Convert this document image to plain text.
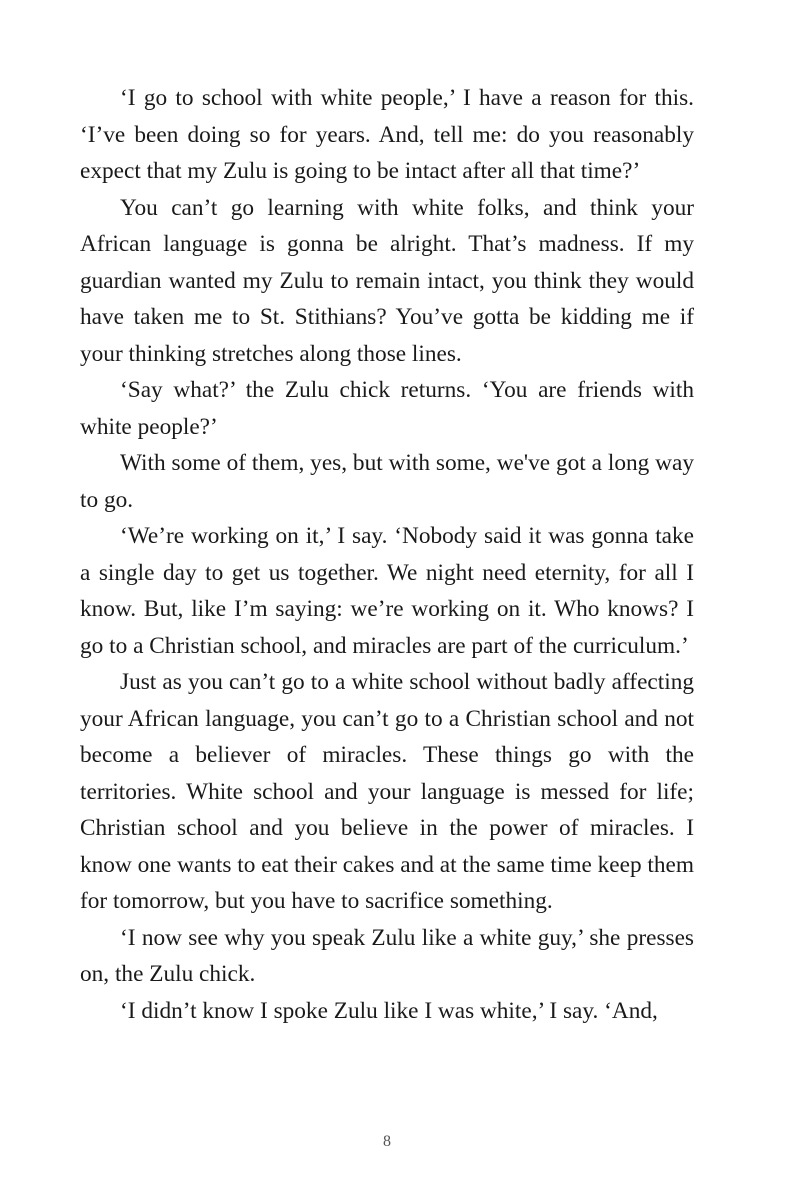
‘I go to school with white people,’ I have a reason for this. ‘I’ve been doing so for years. And, tell me: do you reasonably expect that my Zulu is going to be intact after all that time?’

You can’t go learning with white folks, and think your African language is gonna be alright. That’s madness. If my guardian wanted my Zulu to remain intact, you think they would have taken me to St. Stithians? You’ve gotta be kidding me if your thinking stretches along those lines.

‘Say what?’ the Zulu chick returns. ‘You are friends with white people?’

With some of them, yes, but with some, we've got a long way to go.

‘We’re working on it,’ I say. ‘Nobody said it was gonna take a single day to get us together. We night need eternity, for all I know. But, like I’m saying: we’re working on it. Who knows? I go to a Christian school, and miracles are part of the curriculum.’

Just as you can’t go to a white school without badly affecting your African language, you can’t go to a Christian school and not become a believer of miracles. These things go with the territories. White school and your language is messed for life; Christian school and you believe in the power of miracles. I know one wants to eat their cakes and at the same time keep them for tomorrow, but you have to sacrifice something.

‘I now see why you speak Zulu like a white guy,’ she presses on, the Zulu chick.

‘I didn’t know I spoke Zulu like I was white,’ I say. ‘And,

8
